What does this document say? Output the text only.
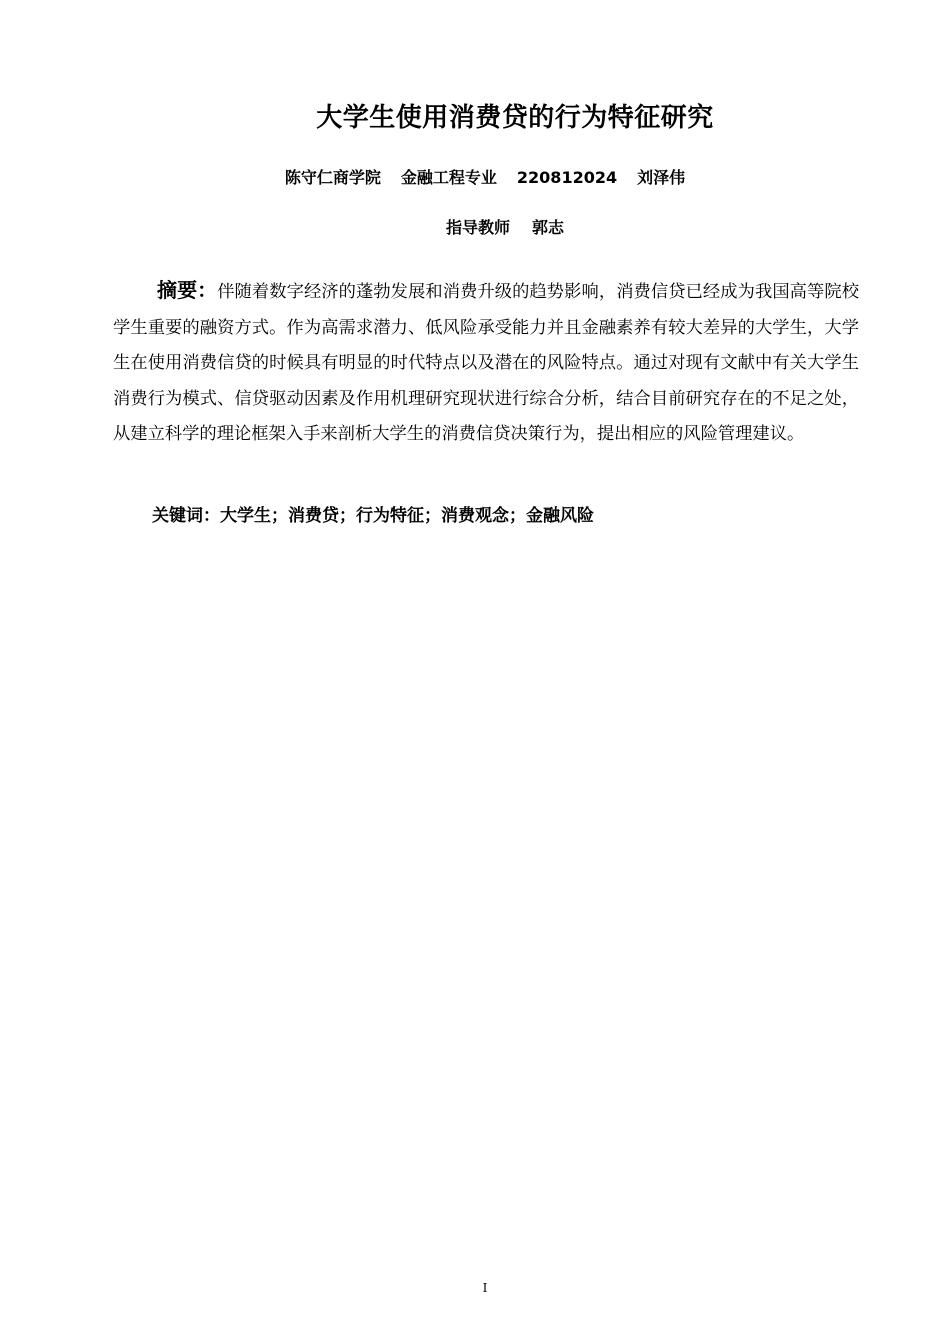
大学生使用消费贷的行为特征研究
陈守仁商学院 金融工程专业 220812024 刘泽伟
指导教师 郭志

摘要：伴随着数字经济的蓬勃发展和消费升级的趋势影响，消费信贷已经成为我国高等院校学生重要的融资方式。作为高需求潜力、低风险承受能力并且金融素养有较大差异的大学生，大学生在使用消费信贷的时候具有明显的时代特点以及潜在的风险特点。通过对现有文献中有关大学生消费行为模式、信贷驱动因素及作用机理研究现状进行综合分析，结合目前研究存在的不足之处，从建立科学的理论框架入手来剖析大学生的消费信贷决策行为，提出相应的风险管理建议。

关键词：大学生；消费贷；行为特征；消费观念；金融风险

I
